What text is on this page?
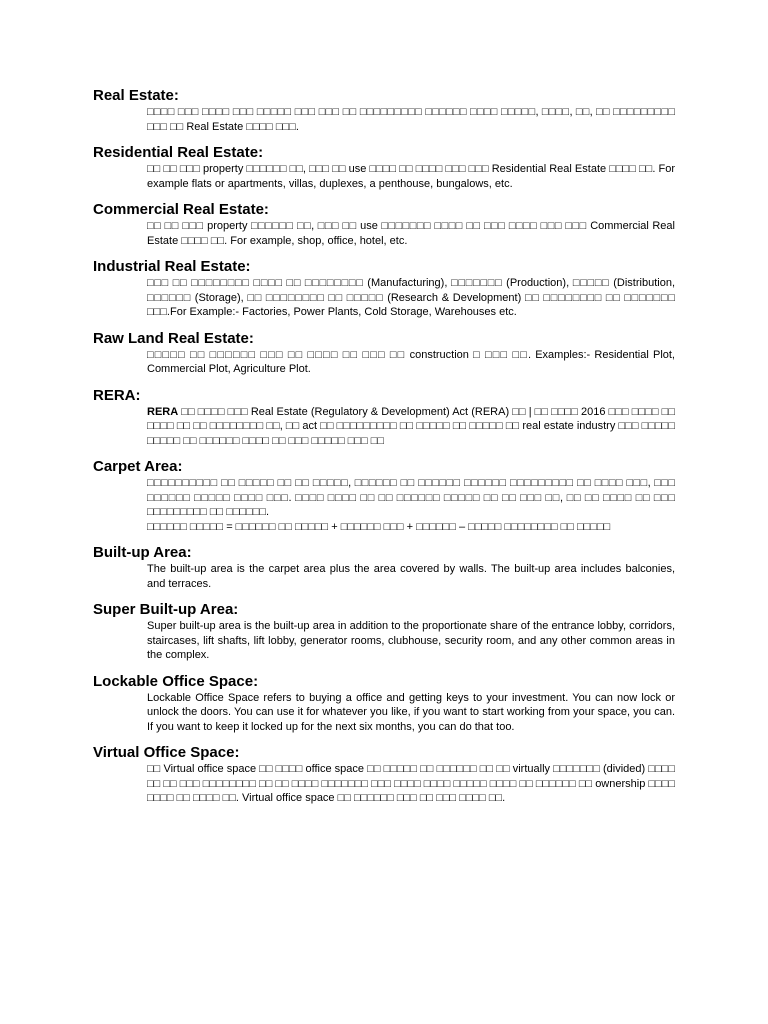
Real Estate:

□□□□ □□□ □□□□ □□□ □□□□□ □□□ □□□ □□ □□□□□□□□□ □□□□□□ □□□□ □□□□□, □□□□, □□, □□ □□□□□□□□□ □□□ □□ Real Estate □□□□ □□□.

Residential Real Estate:

□□ □□ □□□ property □□□□□□ □□, □□□ □□ use □□□□ □□ □□□□ □□□ □□□ Residential Real Estate □□□□ □□. For example flats or apartments, villas, duplexes, a penthouse, bungalows, etc.

Commercial Real Estate:

□□ □□ □□□ property □□□□□□ □□, □□□ □□ use □□□□□□□ □□□□ □□ □□□ □□□□ □□□ □□□ Commercial Real Estate □□□□ □□. For example, shop, office, hotel, etc.

Industrial Real Estate:

□□□ □□ □□□□□□□□ □□□□ □□ □□□□□□□□ (Manufacturing), □□□□□□□ (Production), □□□□□ (Distribution, □□□□□□ (Storage), □□ □□□□□□□□ □□ □□□□□ (Research & Development) □□ □□□□□□□□ □□ □□□□□□□ □□□.For Example:- Factories, Power Plants, Cold Storage, Warehouses etc.

Raw Land Real Estate:

□□□□□ □□ □□□□□□ □□□ □□ □□□□ □□ □□□ □□ construction □ □□□ □□. Examples:- Residential Plot, Commercial Plot, Agriculture Plot.

RERA:

RERA □□ □□□□ □□□ Real Estate (Regulatory & Development) Act (RERA) □□ | □□ □□□□ 2016 □□□ □□□□ □□ □□□□ □□ □□ □□□□□□□□ □□, □□ act □□ □□□□□□□□□ □□ □□□□□ □□ □□□□□ □□ real estate industry □□□ □□□□□ □□□□□ □□ □□□□□□ □□□□ □□ □□□ □□□□□ □□□ □□

Carpet Area:

□□□□□□□□□□ □□ □□□□□ □□ □□ □□□□□, □□□□□□ □□ □□□□□□ □□□□□□ □□□□□□□□□ □□ □□□□ □□□, □□□ □□□□□□ □□□□□ □□□□ □□□. □□□□ □□□□ □□ □□ □□□□□□ □□□□□ □□ □□ □□□ □□, □□ □□ □□□□ □□ □□□ □□□□□□□□□ □□ □□□□□□.
□□□□□□ □□□□□ = □□□□□□ □□ □□□□□ + □□□□□□ □□□ + □□□□□□ – □□□□□ □□□□□□□□ □□ □□□□□

Built-up Area:

The built-up area is the carpet area plus the area covered by walls. The built-up area includes balconies, and terraces.

Super Built-up Area:

Super built-up area is the built-up area in addition to the proportionate share of the entrance lobby, corridors, staircases, lift shafts, lift lobby, generator rooms, clubhouse, security room, and any other common areas in the complex.

Lockable Office Space:

Lockable Office Space refers to buying a office and getting keys to your investment. You can now lock or unlock the doors. You can use it for whatever you like, if you want to start working from your space, you can. If you want to keep it locked up for the next six months, you can do that too.

Virtual Office Space:

□□ Virtual office space □□ □□□□ office space □□ □□□□□ □□ □□□□□□ □□ □□ virtually □□□□□□□ (divided) □□□□ □□ □□ □□□ □□□□□□□□ □□ □□ □□□□ □□□□□□□ □□□ □□□□ □□□□ □□□□□ □□□□ □□ □□□□□□ □□ ownership □□□□ □□□□ □□ □□□□ □□. Virtual office space □□ □□□□□□ □□□ □□ □□□ □□□□ □□.
